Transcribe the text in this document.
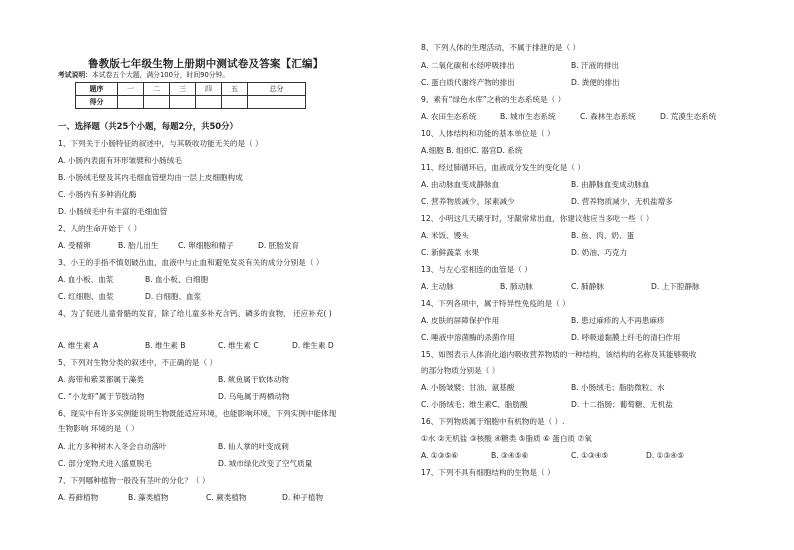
鲁教版七年级生物上册期中测试卷及答案【汇编】
考试说明：本试卷五个大题，满分100分，时间90分钟。
题序	一	二	三	四	五	总分
得分						
一、选择题（共25个小题，每题2分，共50分）
1、下列关于小肠特征的叙述中，与其吸收功能无关的是（ ）
A. 小肠内表面有环形皱襞和小肠绒毛
B. 小肠绒毛壁及其内毛细血管壁均由一层上皮细胞构成
C. 小肠内有多种消化酶
D. 小肠绒毛中有丰富的毛细血管
2、人的生命开始于（ ）
A. 受精卵	B. 胎儿出生	C. 卵细胞和精子	D. 胚胎发育
3、小王的手指不慎划破出血，血液中与止血和避免发炎有关的成分分别是（ ）
A. 血小板、血浆	B. 血小板、白细胞
C. 红细胞、血浆	D. 白细胞、血浆
4、为了促进儿童骨骼的发育，除了给儿童多补充含钙、磷多的食物， 还应补充( )
A. 维生素 A	B. 维生素 B	C. 维生素 C	D. 维生素 D
5、下列对生物分类的叙述中，不正确的是（ ）
A. 海带和紫菜都属于藻类	B. 鱿鱼属于软体动物
C. “小龙虾”属于节肢动物	D. 乌龟属于两栖动物
6、现实中有许多实例能说明生物既能适应环境，也能影响环境，下列实例中能体现
生物影响 环境的是（ ）
A. 北方多种树木入冬会自动落叶	B. 仙人掌的叶变成刺
C. 部分宠物犬进入盛夏脱毛	D. 城市绿化改变了空气质量
7、下列哪种植物一般没有茎叶的分化？（ ）
A. 苔藓植物	B. 藻类植物	C. 蕨类植物	D. 种子植物
8、下列人体的生理活动，不属于排泄的是（ ）
A. 二氧化碳和水经呼吸排出	B. 汗液的排出
C. 蛋白质代谢终产物的排出	D. 粪便的排出
9、素有“绿色水库”之称的生态系统是（ ）
A. 农田生态系统	B. 城市生态系统	C. 森林生态系统	D. 荒漠生态系统
10、人体结构和功能的基本单位是（ ）
A.细胞 B. 组织C. 器官D. 系统
11、经过肺循环后，血液成分发生的变化是（ ）
A. 由动脉血变成静脉血	B. 由静脉血变成动脉血
C. 营养物质减少，尿素减少	D. 营养物质减少，无机盐增多
12、小明这几天刷牙时，牙龈常常出血，你建议他应当多吃一些（ ）
A. 米饭、馒头	B. 鱼、肉、奶、蛋
C. 新鲜蔬菜 水果	D. 奶油、巧克力
13、与左心室相连的血管是（ ）
A. 主动脉	B. 肺动脉	C. 肺静脉	D. 上下腔静脉
14、下列各项中，属于特异性免疫的是（ ）
A. 皮肤的屏障保护作用	B. 患过麻疹的人不再患麻疹
C. 唾液中溶菌酶的杀菌作用	D. 呼吸道黏膜上纤毛的清扫作用
15、如图表示人体消化道内吸收营养物质的一种结构，该结构的名称及其能够吸收
的部分物质分别是（ ）
A. 小肠皱襞；甘油、氨基酸	B. 小肠绒毛；脂肪微粒、水
C. 小肠绒毛；维生素C、脂肪酸	D. 十二指肠；葡萄糖、无机盐
16、下列物质属于细胞中有机物的是（ ）.
①水 ②无机盐 ③核酸 ④糖类 ⑤脂质 ⑥ 蛋白质 ⑦氧
A. ①③⑤⑥	B. ③④⑤⑥	C. ①③④⑤	D. ①③④⑤
17、下列不具有细胞结构的生物是（ ）
